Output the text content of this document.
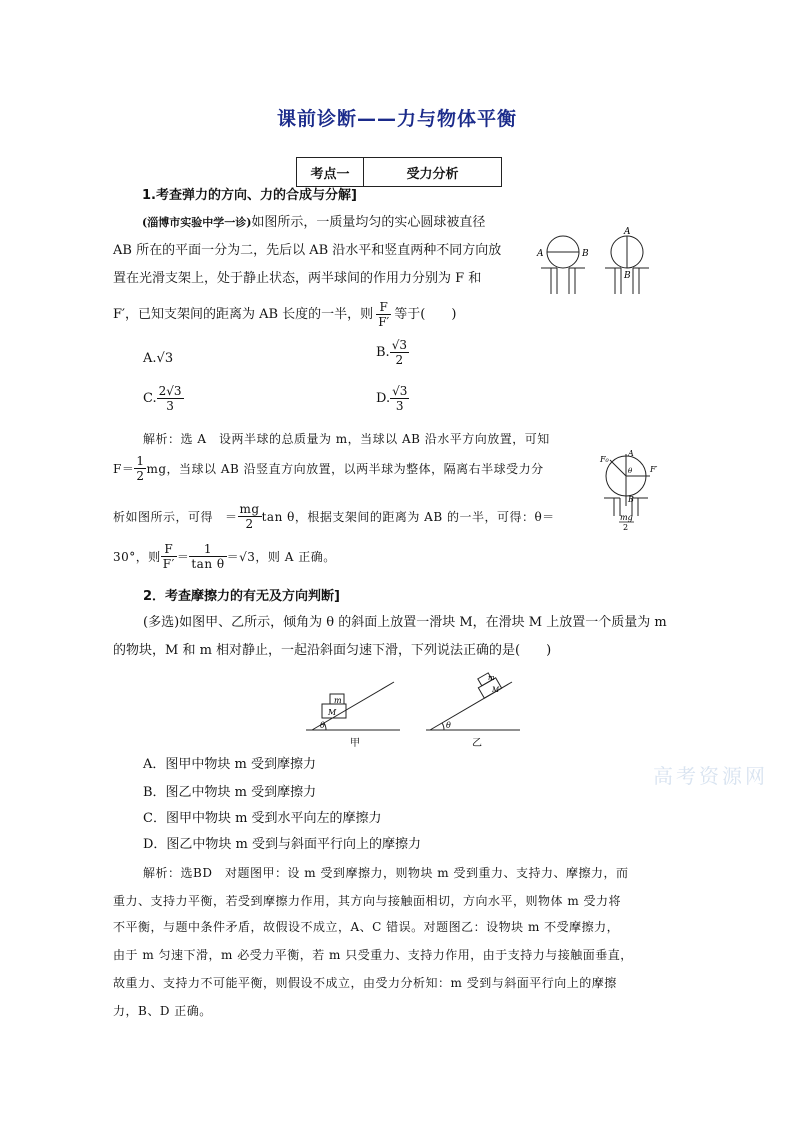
课前诊断——力与物体平衡
考点一	受力分析
1.考查弹力的方向、力的合成与分解]
(淄博市实验中学一诊)如图所示，一质量均匀的实心圆球被直径
AB 所在的平面一分为二，先后以 AB 沿水平和竖直两种不同方向放
置在光滑支架上，处于静止状态，两半球间的作用力分别为 F 和
F′，已知支架间的距离为 AB 长度的一半，则 $\frac{F}{F'}$ 等于(　　)
A	B
A
B
A.√3	B. $\frac{√3}{2}$
C. $\frac{2√3}{3}$	D. $\frac{√3}{3}$
解析：选 A　设两半球的总质量为 m，当球以 AB 沿水平方向放置，可知
$F= \frac{1}{2}$ mg，当球以 AB 沿竖直方向放置，以两半球为整体，隔离右半球受力分
析如图所示，可得 ＝ $\frac{mg}{2}$ tan θ，根据支架间的距离为 AB 的一半，可得：θ＝
30°，则 $\frac{F}{F'} = \frac{1}{\text{tan θ}} =√3$ ，则 A 正确。
F₀
F′
A
θ
B
mg
2
2．考查摩擦力的有无及方向判断]
(多选)如图甲、乙所示，倾角为 θ 的斜面上放置一滑块 M，在滑块 M 上放置一个质量为 m
的物块，M 和 m 相对静止，一起沿斜面匀速下滑，下列说法正确的是(　　)
m
M
θ
m
M
θ
甲	乙
A．图甲中物块 m 受到摩擦力
B．图乙中物块 m 受到摩擦力
C．图甲中物块 m 受到水平向左的摩擦力
D．图乙中物块 m 受到与斜面平行向上的摩擦力
高考资源网
解析：选BD　对题图甲：设 m 受到摩擦力，则物块 m 受到重力、支持力、摩擦力，而
重力、支持力平衡，若受到摩擦力作用，其方向与接触面相切，方向水平，则物体 m 受力将
不平衡，与题中条件矛盾，故假设不成立，A、C 错误。对题图乙：设物块 m 不受摩擦力，
由于 m 匀速下滑，m 必受力平衡，若 m 只受重力、支持力作用，由于支持力与接触面垂直，
故重力、支持力不可能平衡，则假设不成立，由受力分析知：m 受到与斜面平行向上的摩擦
力，B、D 正确。
